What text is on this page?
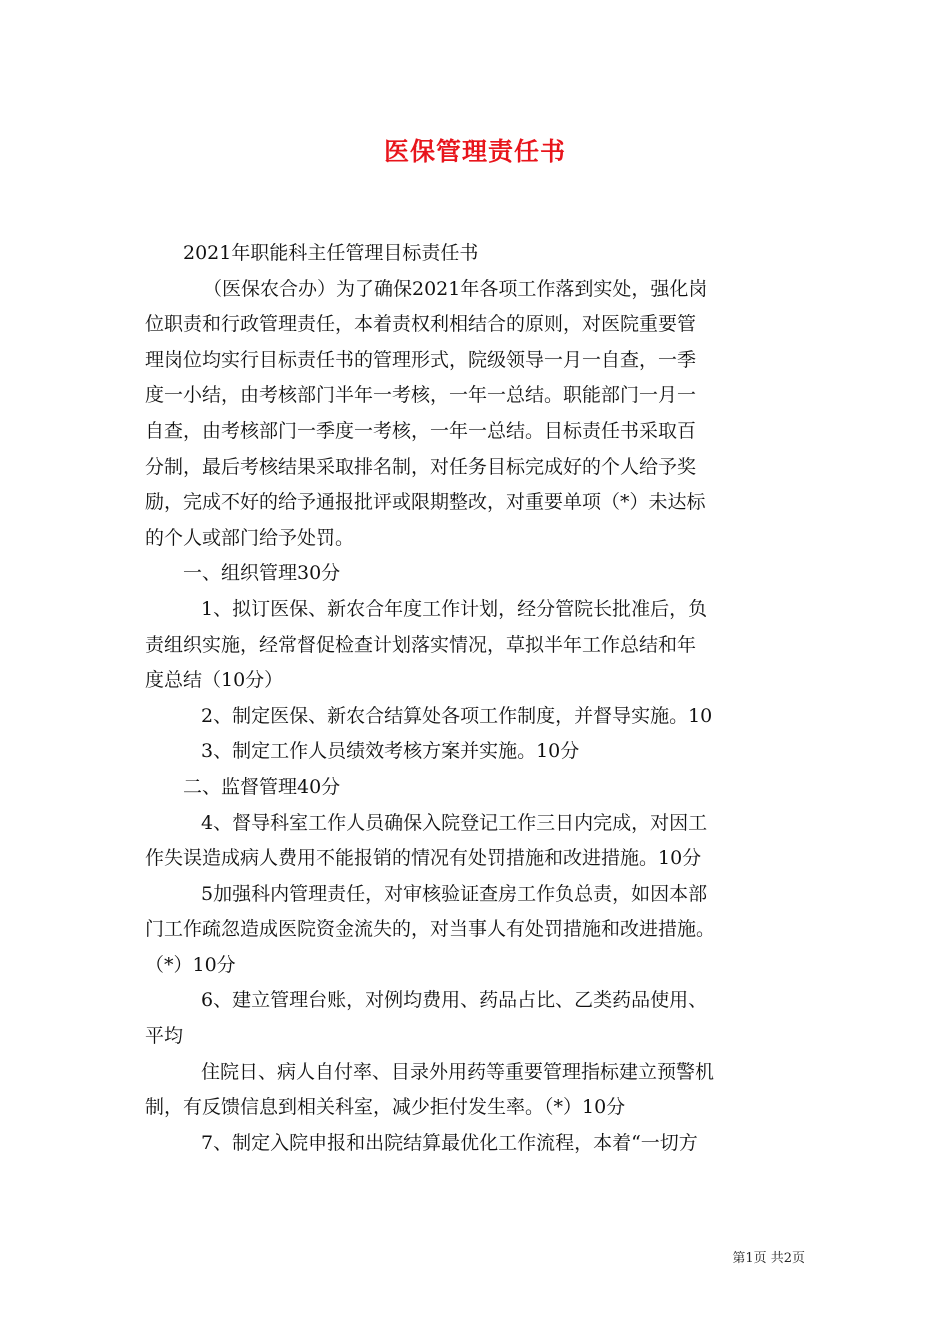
医保管理责任书

2021年职能科主任管理目标责任书

（医保农合办）为了确保2021年各项工作落到实处，强化岗

位职责和行政管理责任，本着责权利相结合的原则，对医院重要管

理岗位均实行目标责任书的管理形式，院级领导一月一自查，一季

度一小结，由考核部门半年一考核，一年一总结。职能部门一月一

自查，由考核部门一季度一考核，一年一总结。目标责任书采取百

分制，最后考核结果采取排名制，对任务目标完成好的个人给予奖

励，完成不好的给予通报批评或限期整改，对重要单项（*）未达标

的个人或部门给予处罚。

一、组织管理30分

1、拟订医保、新农合年度工作计划，经分管院长批准后，负

责组织实施，经常督促检查计划落实情况，草拟半年工作总结和年

度总结（10分）

2、制定医保、新农合结算处各项工作制度，并督导实施。10

3、制定工作人员绩效考核方案并实施。10分

二、监督管理40分

4、督导科室工作人员确保入院登记工作三日内完成，对因工

作失误造成病人费用不能报销的情况有处罚措施和改进措施。10分

5加强科内管理责任，对审核验证查房工作负总责，如因本部

门工作疏忽造成医院资金流失的，对当事人有处罚措施和改进措施。

（*）10分

6、建立管理台账，对例均费用、药品占比、乙类药品使用、

平均

住院日、病人自付率、目录外用药等重要管理指标建立预警机

制，有反馈信息到相关科室，减少拒付发生率。（*）10分

7、制定入院申报和出院结算最优化工作流程，本着“一切方

第1页 共2页
